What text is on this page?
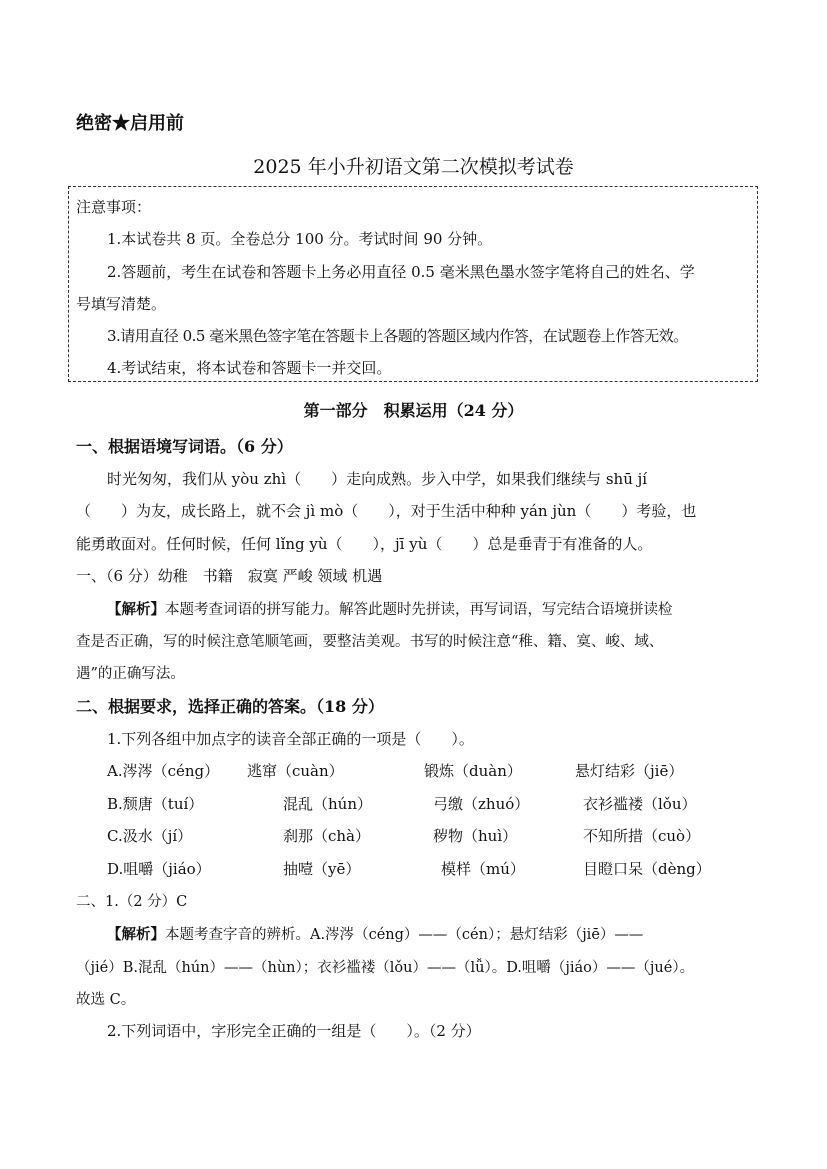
绝密★启用前
2025 年小升初语文第二次模拟考试卷
注意事项：
1.本试卷共 8 页。全卷总分 100 分。考试时间 90 分钟。
2.答题前，考生在试卷和答题卡上务必用直径 0.5 毫米黑色墨水签字笔将自己的姓名、学
号填写清楚。
3.请用直径 0.5 毫米黑色签字笔在答题卡上各题的答题区域内作答，在试题卷上作答无效。
4.考试结束，将本试卷和答题卡一并交回。
第一部分　积累运用（24 分）
一、根据语境写词语。（6 分）
时光匆匆，我们从 yòu zhì（　　）走向成熟。步入中学，如果我们继续与 shū jí
（　　）为友，成长路上，就不会 jì mò（　　），对于生活中种种 yán jùn（　　）考验，也
能勇敢面对。任何时候，任何 lǐng yù（　　），jī yù（　　）总是垂青于有准备的人。
一、（6 分）幼稚　书籍　寂寞 严峻 领域 机遇
【解析】本题考查词语的拼写能力。解答此题时先拼读，再写词语，写完结合语境拼读检
查是否正确，写的时候注意笔顺笔画，要整洁美观。书写的时候注意“稚、籍、寞、峻、域、
遇”的正确写法。
二、根据要求，选择正确的答案。（18 分）
1.下列各组中加点字的读音全部正确的一项是（　　）。
A.涔涔（céng） 逃窜（cuàn）	锻炼（duàn）	悬灯结彩（jiē）
B.颓唐（tuí）	混乱（hún）	弓缴（zhuó）	衣衫褴褛（lǒu）
C.汲水（jí）	刹那（chà）	秽物（huì）	不知所措（cuò）
D.咀嚼（jiáo）	抽噎（yē）	模样（mú）	目瞪口呆（dèng）
二、1.（2 分）C
【解析】本题考查字音的辨析。A.涔涔（céng）——（cén）；悬灯结彩（jiē）——
（jié）B.混乱（hún）——（hùn）；衣衫褴褛（lǒu）——（lǚ）。D.咀嚼（jiáo）——（jué）。
故选 C。
2.下列词语中，字形完全正确的一组是（　　）。（2 分）
